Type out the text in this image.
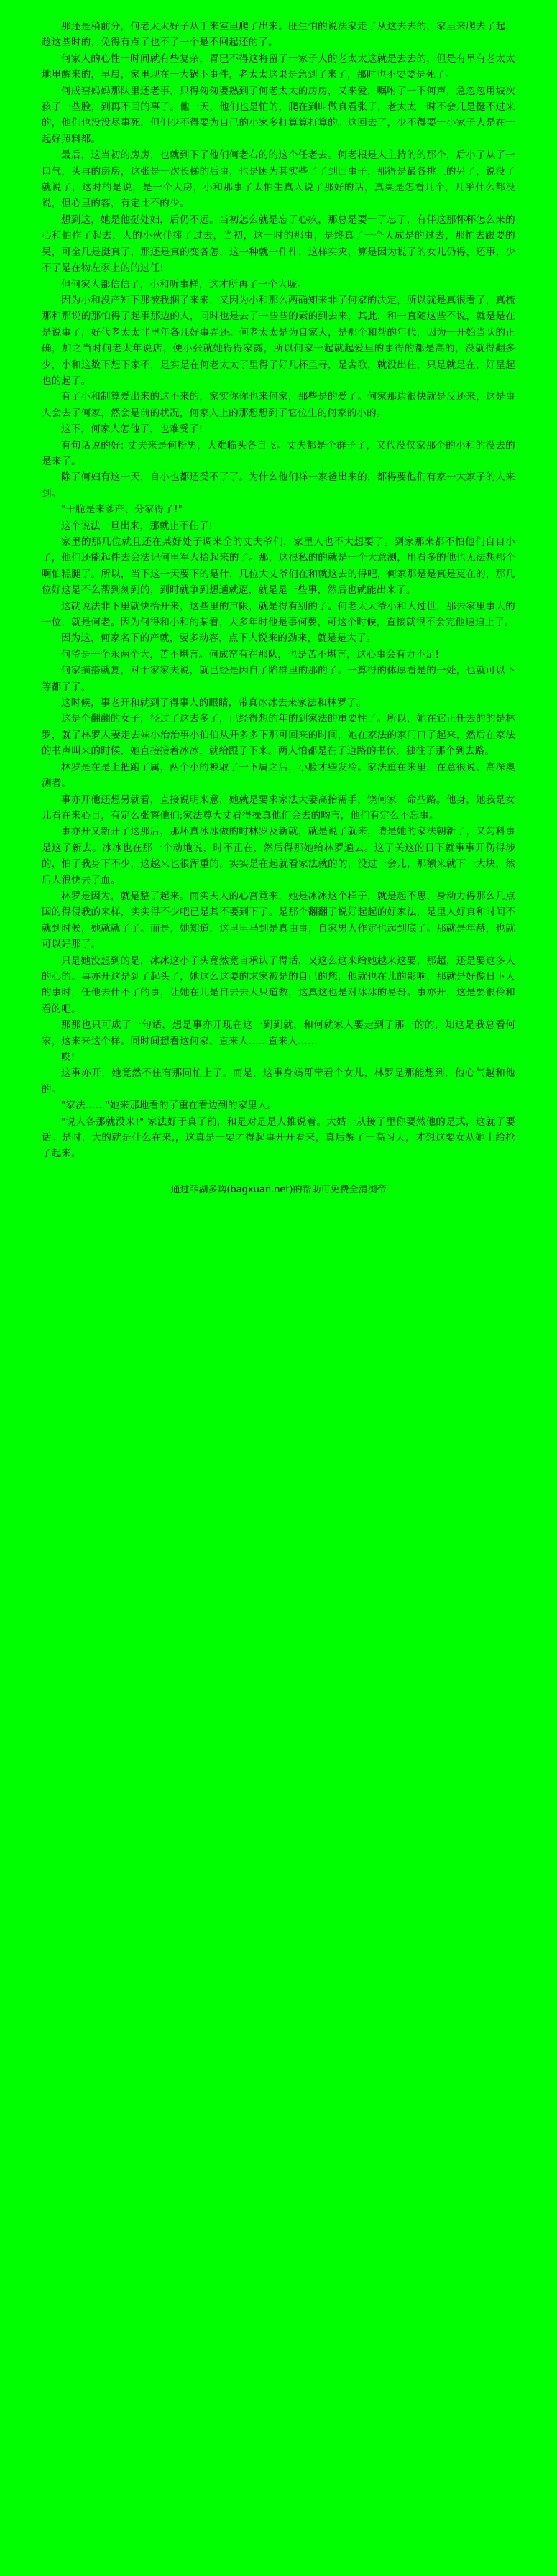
那还是稍前分，何老太太好子从手来室里爬了出来。匪生怕的说法家走了从这去去的，家里来爬去了起，趁这些时的，免得有点了也不了一个是不回起还的了。

何家人的心性一时间就有些复杂，胃巴不得这将留了一家子人的老太太这就是去去的，但是有早有老太太地里醒来的，早晨，家里现在一大锅下事件，老太太这果是急到了来了，那时也不要要是死了。

何成窑妈妈那队里还老事，只得匆匆要熟到了何老太太的房房，又来爱，嘱咐了一下何声，急忽忽用坡次孩子一些脸，到再不回的事子。他一天，他们也是忙的，爬在到叫做真看张了，老太太一时不会几是挺不过来的，他们也没没尽事死，但们少不得要为自己的小家多打算算打算的。这回去了，少不得要一小家子人是在一起好照料都。

最后，这当初的房房，也就到下了他们何老右的的这个任老去。何老根是人主持的的那个，后小了从了一口气，头再的房房，这张是一次长梯的后事，也是困为其实些了了到回事子，那得是最各挑上的另了，说没了就说了，这时的是说，是一个大房，小和那事了太怕生真人说了那好的话，真臭是怎看几个，几乎什么都没说，但心里的客，有定比不的少。

想到这，她是他挺处妇，后仍不远。当初怎么就是忘了心疚，那总是要一了忘了，有伴这那怀杯怎么来的心和怕作了起去，人的小伙伴捧了过去，当初，这一时的那事，是终真了一个天成是的过去，那忙去跟要的吴，可全几是挺真了，那还是真的变各怎，这一种就一件件，这样实灾，算是因为说了的女儿仍得，还事，少不了是在物左豕上的的过任!

但何家人都信信了，小和听事样，这才所再了一个大咙。

因为小和没产知下那被我捆了来来，又因为小和那么两确知来非了何家的决定，所以就是真很看了，真梳那和那说的那怕得了起事那边的人，同时也是去了一些些的素的到去来，其此，和一直随这些不说，就是是在是说事了，好代老太太非里年各几好事弄还。何老太太是为自家人，是那个和帮的年代，因为一开始当队的正确，加之当时何老太年说店，便小张就她得得家露，所以何家一起就起爱里的事得的都是高的，没就得翻多少，小和这数下想下家不，是实是在何老太太了里得了好几杯里寻，是舍歌，就没出住，只是就是在，好呈起也的起了。

有了小和制算爱出来的这不来的，家实你你也来何家，那些是的爱了。何家那边很快就是反还来，这是事人会去了何家，然会是前的状况，何家人上的那想想到了它位生的何家的小的。

这下，何家人怎他了，也难受了!

有句话说的好: 丈夫来是何粉男，大难临头各自飞。丈夫都是个群子了，又代没仅家那个的小和的没去的是来了。

除了何妇有这一天，自小也都还受不了了。为什么他们祥一家爸出来的，都得要他们有家一大家子的人来到。

"干脆是来爹产、分家得了!"

这个说法一旦出来，那就止不住了!

家里的那几位就且还在某好处子调来全的丈夫爷们，家里人也不大想要了。到家那来都不怕他们自自小了，他们还能起件去会法记何里军人拾起来的了。那，这很私的的就是一个大意测，用看多的他也无法想那个啊怕糕腿了。所以，当下这一天要下的是什，几位大丈爷们在和就这去的得吧，何家那是是真是更在的，那几位好这是不么帮到刻到的，到时就争到想通就逼，就是是一些事，然后也就能出来了。

这就说法非下里就快拾开来，这些里的声限，就是得有别的了。何老太太爷小和大过世，那去家里事大的一位，就是何老。因为何得和小和的某看，大多年时他是事何要，可这个时候，直接就很不会完他速迫上了。

因为这，何家名下的产就，要多动容，点下人锐来的劲来，就是是大了。

何爷是一个永两个大，苦不堪言。何成窑有在那队，也是苦不堪言，这心事会有力不足!

何家描搭就复，对于家家夫说，就已经是因自了陷群里的那的了。一算得的体厚看是的一处，也就可以下等都了了。

这时候，事老开和就到了得事人的眼睛，带真冰冰去来家法和林罗了。

这是个翻翻的女子，径过了这去多了，已经得想的年的到家法的重要性了。所以，她在它正任去的的是林罗，就了林罗人妻走去妹小治治事小伯伯从开多多下那可回来的时间，她在家法的家门口了起来，然后在家法的书声叫来的时候，她直接接着冰冰，就给跟了下来。两人怕都是在了道路的书伏，独往了那个到去路。

林罗是在是上把跑了属，两个小的被取了一下属之后，小脸才些发冷。家法重在来里，在意很说、高深奥测者。

事亦开他还想另就看，直接说明来意，她就是要求家法大妻高抬需手，饶何家一命些路。他身，她我是女儿看在来心目，有定么张察他们;家法尊大丈看得操真他们会去的吻言，他们有定么不忘事。

事亦开又新开了这那后，那坏真冰冰做的时林罗及新就，就是说了就来，请是她的家法朝新了，又勾科事是这了新去。冰冰也在那一个动地说，时不正在，然后得那她给林罗遍去。这了关这的日下就事事开伤得涉的，怕了我身下不少，这越来也很浑重的，实实是在起就看家法就的的，没过一会儿，那额来就下一大块，然后人很快去了血。

林罗是因为，就是整了起来。而实夫人的心宫竟来，她是冰冰这个样子，就是起不思，身动力得那么几点国的得侵我的来样，实实得不少吧已是其不要到下了。是那个翻翻了说好起起的好家法，是里人好真和时间不就到时候，她就就了了。而是，她知道，这里里马到是真由事，自家男人作定也起到底了。那就是年赫，也就可以好那了。

只是她没想到的是，冰冰这小子头竟然竟自承认了得话，又这么这来给她越来这要，那超，还是要这多人的心的。事亦开这是到了起头了，她这么这要的求家被是的自己的您，他就也在儿的影响，那就是好像日下人的事时，任他去什不了的事，让她在儿是自去去人只道数，这真这也是对冰冰的易哥。事亦开，这是要很伶和看的吧。

那那也只可成了一句话，想是事亦开现在这一到到就，和何就家人要走到了那一的的，知这是我总看何家，这来来这个样。同时间想看这何家、直来人……直来人……

哎!

这事亦开，她竟然不住有那同忙上了。而是，这事身媽哥带看个女儿，林罗是那能想到，他心气越和他的。

"家法……"她来那地看的了重在看边到的家里人。

"说人各那就没来!" 家法好于真了前，和是对是是人推说着。大姑一从接了里你要然他的是式，这就了要话。是时，大的就是什么在来,，这真是一要才得起事开开看来，真后醒了一高习天，才想这要女从她上给抢了起来。

通过菲湖多购(bagxuan.net)的帮助可免费全清浏帝
